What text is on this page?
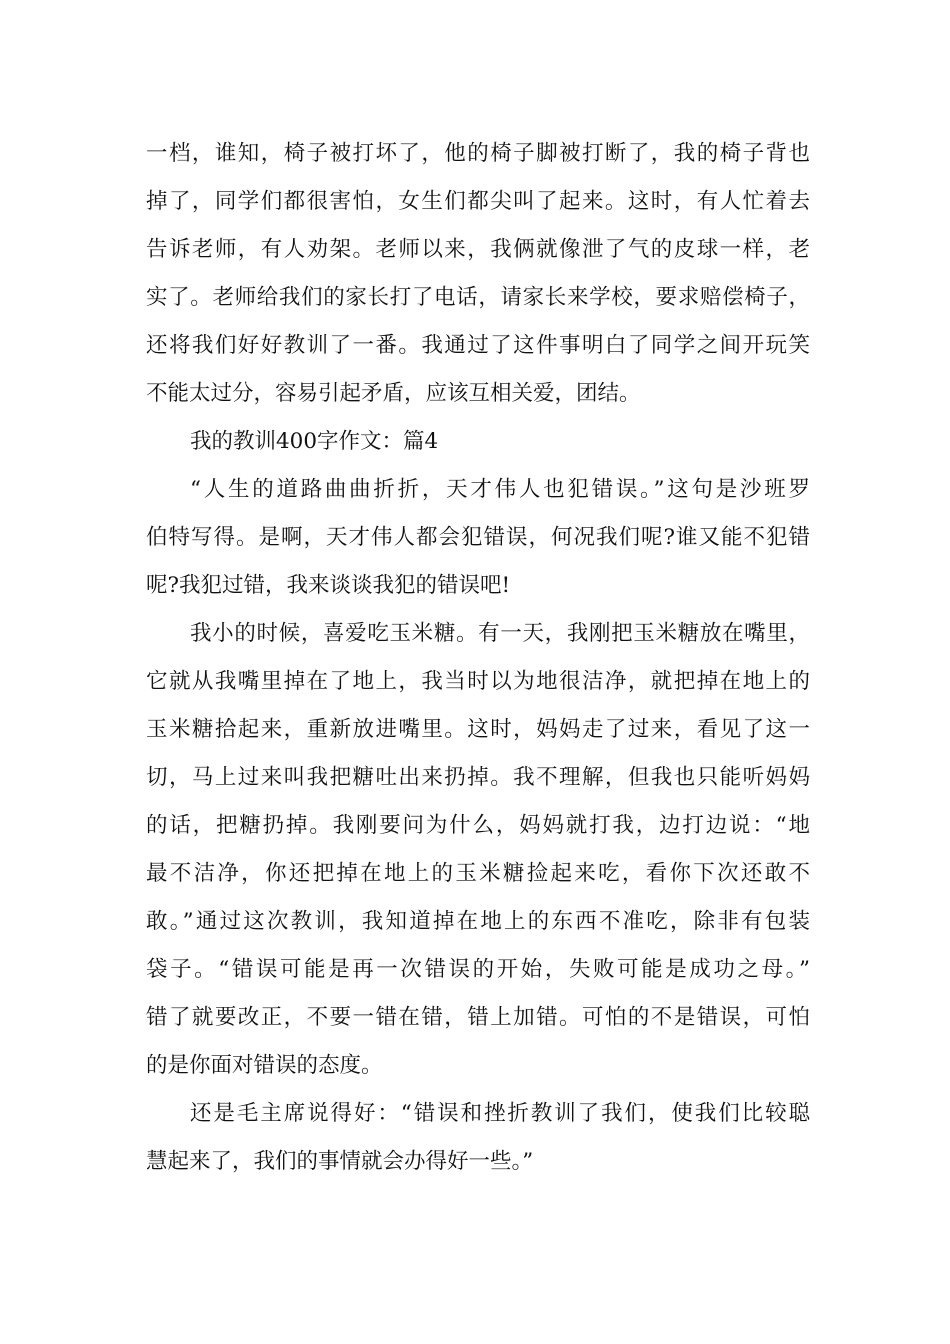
一档，谁知，椅子被打坏了，他的椅子脚被打断了，我的椅子背也
掉了，同学们都很害怕，女生们都尖叫了起来。这时，有人忙着去
告诉老师，有人劝架。老师以来，我俩就像泄了气的皮球一样，老
实了。老师给我们的家长打了电话，请家长来学校，要求赔偿椅子，
还将我们好好教训了一番。我通过了这件事明白了同学之间开玩笑
不能太过分，容易引起矛盾，应该互相关爱，团结。
我的教训400字作文：篇4
“人生的道路曲曲折折，天才伟人也犯错误。”这句是沙班罗
伯特写得。是啊，天才伟人都会犯错误，何况我们呢?谁又能不犯错
呢?我犯过错，我来谈谈我犯的错误吧!
我小的时候，喜爱吃玉米糖。有一天，我刚把玉米糖放在嘴里，
它就从我嘴里掉在了地上，我当时以为地很洁净，就把掉在地上的
玉米糖拾起来，重新放进嘴里。这时，妈妈走了过来，看见了这一
切，马上过来叫我把糖吐出来扔掉。我不理解，但我也只能听妈妈
的话，把糖扔掉。我刚要问为什么，妈妈就打我，边打边说：“地
最不洁净，你还把掉在地上的玉米糖捡起来吃，看你下次还敢不
敢。”通过这次教训，我知道掉在地上的东西不准吃，除非有包装
袋子。“错误可能是再一次错误的开始，失败可能是成功之母。”
错了就要改正，不要一错在错，错上加错。可怕的不是错误，可怕
的是你面对错误的态度。
还是毛主席说得好：“错误和挫折教训了我们，使我们比较聪
慧起来了，我们的事情就会办得好一些。”
